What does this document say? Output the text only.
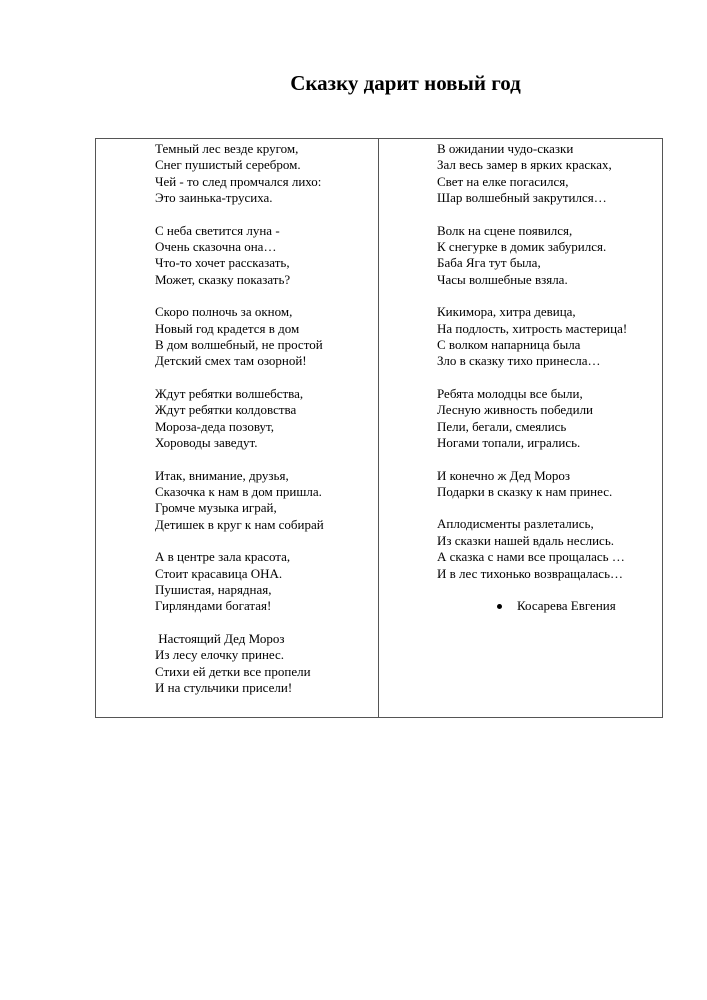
Сказку дарит новый год
Темный лес везде кругом,
Снег пушистый серебром.
Чей - то след промчался лихо:
Это заинька-трусиха.
С неба светится луна -
Очень сказочна она…
Что-то хочет рассказать,
Может, сказку показать?
Скоро полночь за окном,
Новый год крадется в дом
В дом волшебный, не простой
Детский смех там озорной!
Ждут ребятки волшебства,
Ждут ребятки колдовства
Мороза-деда позовут,
Хороводы заведут.
Итак, внимание, друзья,
Сказочка к нам в дом пришла.
Громче музыка играй,
Детишек в круг к нам собирай
А в центре зала красота,
Стоит красавица ОНА.
Пушистая, нарядная,
Гирляндами богатая!
Настоящий Дед Мороз
Из лесу елочку принес.
Стихи ей детки все пропели
И на стульчики присели!
В ожидании чудо-сказки
Зал весь замер в ярких красках,
Свет на елке погасился,
Шар волшебный закрутился…
Волк на сцене появился,
К снегурке в домик забурился.
Баба Яга тут была,
Часы волшебные взяла.
Кикимора, хитра девица,
На подлость, хитрость мастерица!
С волком напарница была
Зло в сказку тихо принесла…
Ребята молодцы все были,
Лесную живность победили
Пели, бегали, смеялись
Ногами топали, игрались.
И конечно ж Дед Мороз
Подарки в сказку к нам принес.
Аплодисменты разлетались,
Из сказки нашей вдаль неслись.
А сказка с нами все прощалась …
И в лес тихонько возвращалась…
Косарева Евгения
